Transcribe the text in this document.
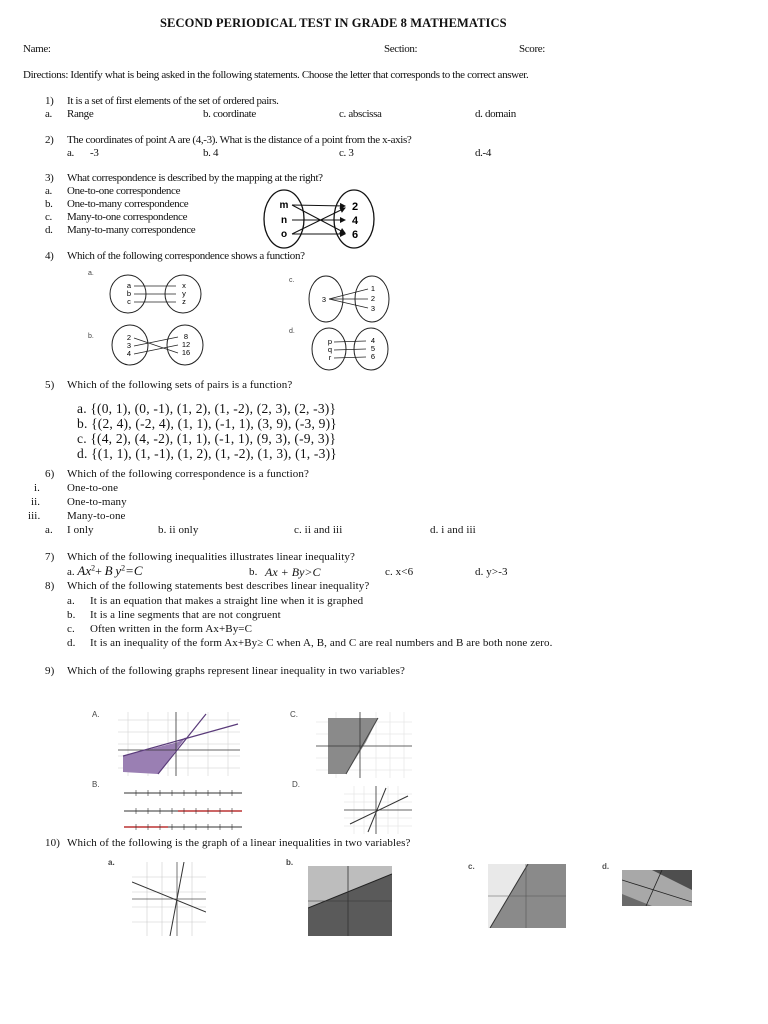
SECOND PERIODICAL TEST IN GRADE 8 MATHEMATICS
Name:	Section:	Score:
Directions: Identify what is being asked in the following statements. Choose the letter that corresponds to the correct answer.
1) It is a set of first elements of the set of ordered pairs.
a. Range	b. coordinate	c. abscissa	d. domain
2) The coordinates of point A are (4,-3). What is the distance of a point from the x-axis?
a. -3	b. 4	c. 3	d.-4
3) What correspondence is described by the mapping at the right?
a. One-to-one correspondence
b. One-to-many correspondence
c. Many-to-one correspondence
d. Many-to-many correspondence
m
n
o
2
4
6
4) Which of the following correspondence shows a function?
a.
a
b
c
x
y
z
c.
3
1
2
3
b.	2
3
4
8
12
16
d.
p
q
r
4
5
6
5) Which of the following sets of pairs is a function?
a. {(0, 1), (0, -1), (1, 2), (1, -2), (2, 3), (2, -3)}
b. {(2, 4), (-2, 4), (1, 1), (-1, 1), (3, 9), (-3, 9)}
c. {(4, 2), (4, -2), (1, 1), (-1, 1), (9, 3), (-9, 3)}
d. {(1, 1), (1, -1), (1, 2), (1, -2), (1, 3), (1, -3)}
6) Which of the following correspondence is a function?
i. One-to-one
ii. One-to-many
iii. Many-to-one
a. I only	b. ii only	c. ii and iii	d. i and iii
7) Which of the following inequalities illustrates linear inequality?
a. $Ax^2+ B$ $y^2=C$	b. Ax + By>C	c. x<6	d. y>-3
8) Which of the following statements best describes linear inequality?
a. It is an equation that makes a straight line when it is graphed
b. It is a line segments that are not congruent
c. Often written in the form Ax+By=C
d. It is an inequality of the form Ax+By≥ C when A, B, and C are real numbers and B are both none zero.
9) Which of the following graphs represent linear inequality in two variables?
A.	C.
B.	D.
10) Which of the following is the graph of a linear inequalities in two variables?
a.	b.	c.	d.
